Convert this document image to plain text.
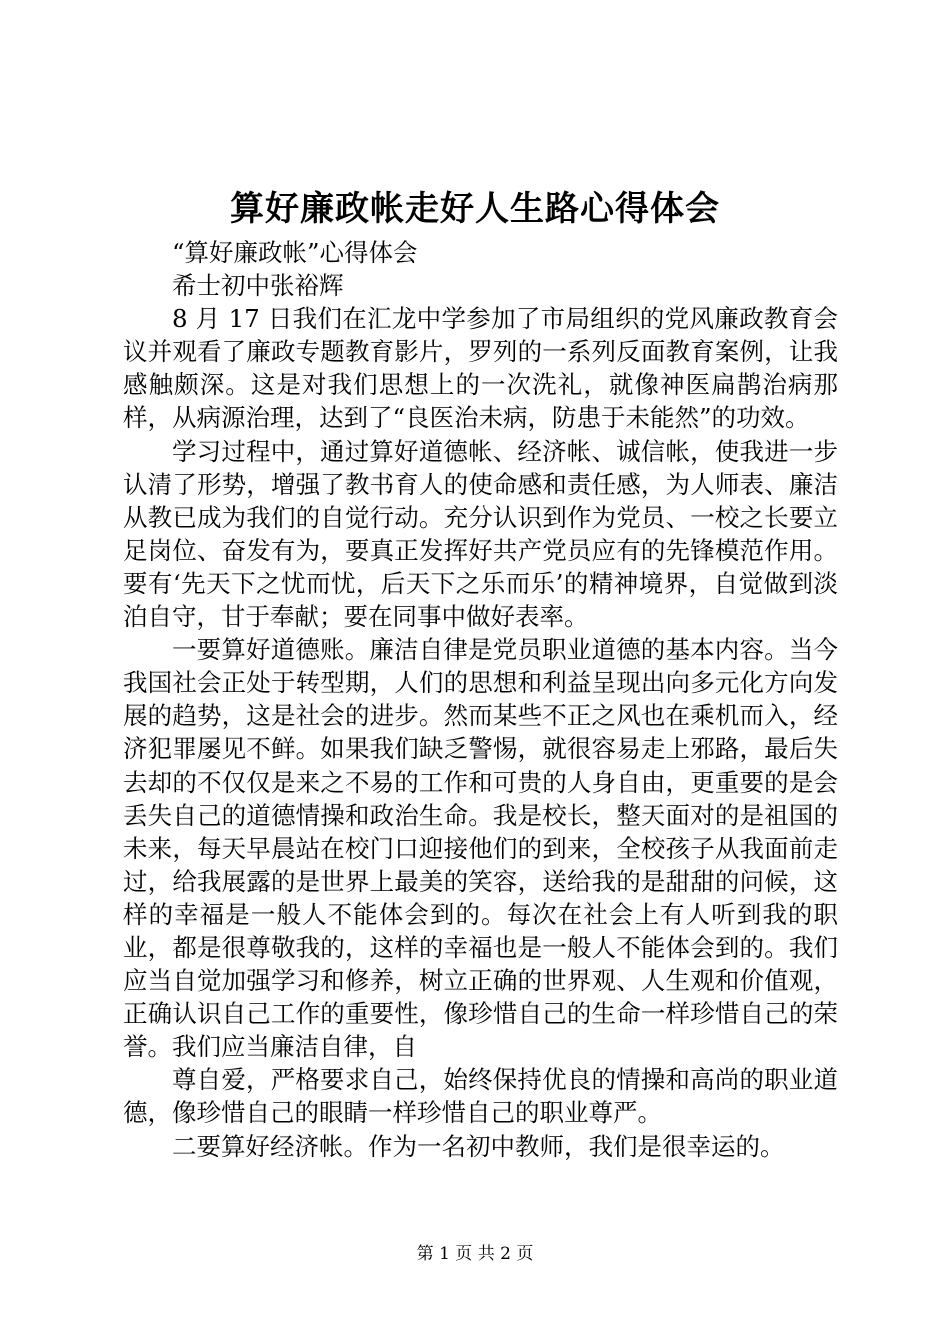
算好廉政帐走好人生路心得体会

“算好廉政帐”心得体会

希士初中张裕辉

8 月 17 日我们在汇龙中学参加了市局组织的党风廉政教育会议并观看了廉政专题教育影片，罗列的一系列反面教育案例，让我感触颇深。这是对我们思想上的一次洗礼，就像神医扁鹊治病那样，从病源治理，达到了“良医治未病，防患于未能然”的功效。

学习过程中，通过算好道德帐、经济帐、诚信帐，使我进一步认清了形势，增强了教书育人的使命感和责任感，为人师表、廉洁从教已成为我们的自觉行动。充分认识到作为党员、一校之长要立足岗位、奋发有为，要真正发挥好共产党员应有的先锋模范作用。要有‘先天下之忧而忧，后天下之乐而乐’的精神境界，自觉做到淡泊自守，甘于奉献；要在同事中做好表率。

一要算好道德账。廉洁自律是党员职业道德的基本内容。当今我国社会正处于转型期，人们的思想和利益呈现出向多元化方向发展的趋势，这是社会的进步。然而某些不正之风也在乘机而入，经济犯罪屡见不鲜。如果我们缺乏警惕，就很容易走上邪路，最后失去却的不仅仅是来之不易的工作和可贵的人身自由，更重要的是会丢失自己的道德情操和政治生命。我是校长，整天面对的是祖国的未来，每天早晨站在校门口迎接他们的到来，全校孩子从我面前走过，给我展露的是世界上最美的笑容，送给我的是甜甜的问候，这样的幸福是一般人不能体会到的。每次在社会上有人听到我的职业，都是很尊敬我的，这样的幸福也是一般人不能体会到的。我们应当自觉加强学习和修养，树立正确的世界观、人生观和价值观，正确认识自己工作的重要性，像珍惜自己的生命一样珍惜自己的荣誉。我们应当廉洁自律，自

尊自爱，严格要求自己，始终保持优良的情操和高尚的职业道德，像珍惜自己的眼睛一样珍惜自己的职业尊严。

二要算好经济帐。作为一名初中教师，我们是很幸运的。

第 1 页 共 2 页
